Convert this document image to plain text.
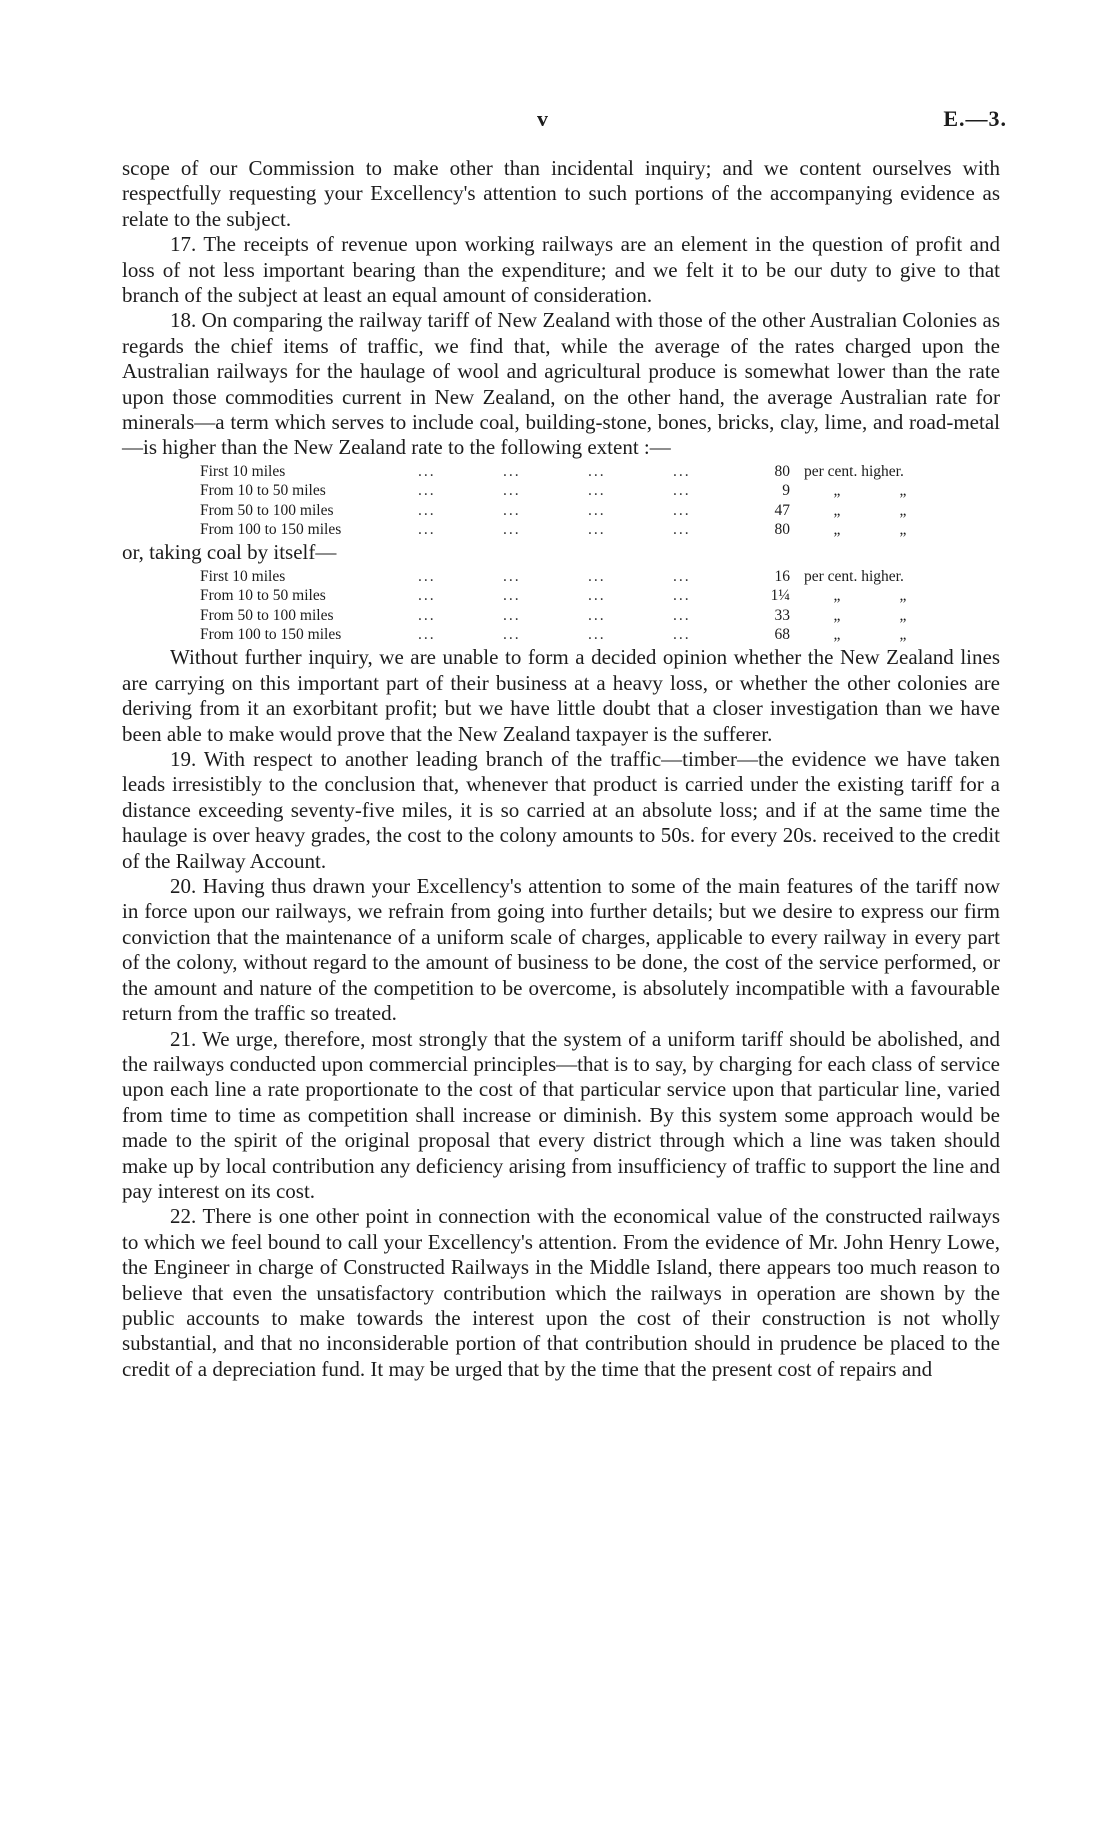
v	E.—3.

scope of our Commission to make other than incidental inquiry; and we content ourselves with respectfully requesting your Excellency's attention to such portions of the accompanying evidence as relate to the subject.

17. The receipts of revenue upon working railways are an element in the question of profit and loss of not less important bearing than the expenditure; and we felt it to be our duty to give to that branch of the subject at least an equal amount of consideration.

18. On comparing the railway tariff of New Zealand with those of the other Australian Colonies as regards the chief items of traffic, we find that, while the average of the rates charged upon the Australian railways for the haulage of wool and agricultural produce is somewhat lower than the rate upon those commodities current in New Zealand, on the other hand, the average Australian rate for minerals—a term which serves to include coal, building-stone, bones, bricks, clay, lime, and road-metal—is higher than the New Zealand rate to the following extent :—

First 10 miles	...	...	...	...	80 per cent. higher.
From 10 to 50 miles	...	...	...	...	9	„	„
From 50 to 100 miles	...	...	...	...	47	„	„
From 100 to 150 miles	...	...	...	...	80	„	„

or, taking coal by itself—

First 10 miles	...	...	...	...	16 per cent. higher.
From 10 to 50 miles	...	...	...	...	1¼	„	„
From 50 to 100 miles	...	...	...	...	33	„	„
From 100 to 150 miles	...	...	...	...	68	„	„

Without further inquiry, we are unable to form a decided opinion whether the New Zealand lines are carrying on this important part of their business at a heavy loss, or whether the other colonies are deriving from it an exorbitant profit; but we have little doubt that a closer investigation than we have been able to make would prove that the New Zealand taxpayer is the sufferer.

19. With respect to another leading branch of the traffic—timber—the evidence we have taken leads irresistibly to the conclusion that, whenever that product is carried under the existing tariff for a distance exceeding seventy-five miles, it is so carried at an absolute loss; and if at the same time the haulage is over heavy grades, the cost to the colony amounts to 50s. for every 20s. received to the credit of the Railway Account.

20. Having thus drawn your Excellency's attention to some of the main features of the tariff now in force upon our railways, we refrain from going into further details; but we desire to express our firm conviction that the maintenance of a uniform scale of charges, applicable to every railway in every part of the colony, without regard to the amount of business to be done, the cost of the service performed, or the amount and nature of the competition to be overcome, is absolutely incompatible with a favourable return from the traffic so treated.

21. We urge, therefore, most strongly that the system of a uniform tariff should be abolished, and the railways conducted upon commercial principles—that is to say, by charging for each class of service upon each line a rate proportionate to the cost of that particular service upon that particular line, varied from time to time as competition shall increase or diminish. By this system some approach would be made to the spirit of the original proposal that every district through which a line was taken should make up by local contribution any deficiency arising from insufficiency of traffic to support the line and pay interest on its cost.

22. There is one other point in connection with the economical value of the constructed railways to which we feel bound to call your Excellency's attention. From the evidence of Mr. John Henry Lowe, the Engineer in charge of Constructed Railways in the Middle Island, there appears too much reason to believe that even the unsatisfactory contribution which the railways in operation are shown by the public accounts to make towards the interest upon the cost of their construction is not wholly substantial, and that no inconsiderable portion of that contribution should in prudence be placed to the credit of a depreciation fund. It may be urged that by the time that the present cost of repairs and
